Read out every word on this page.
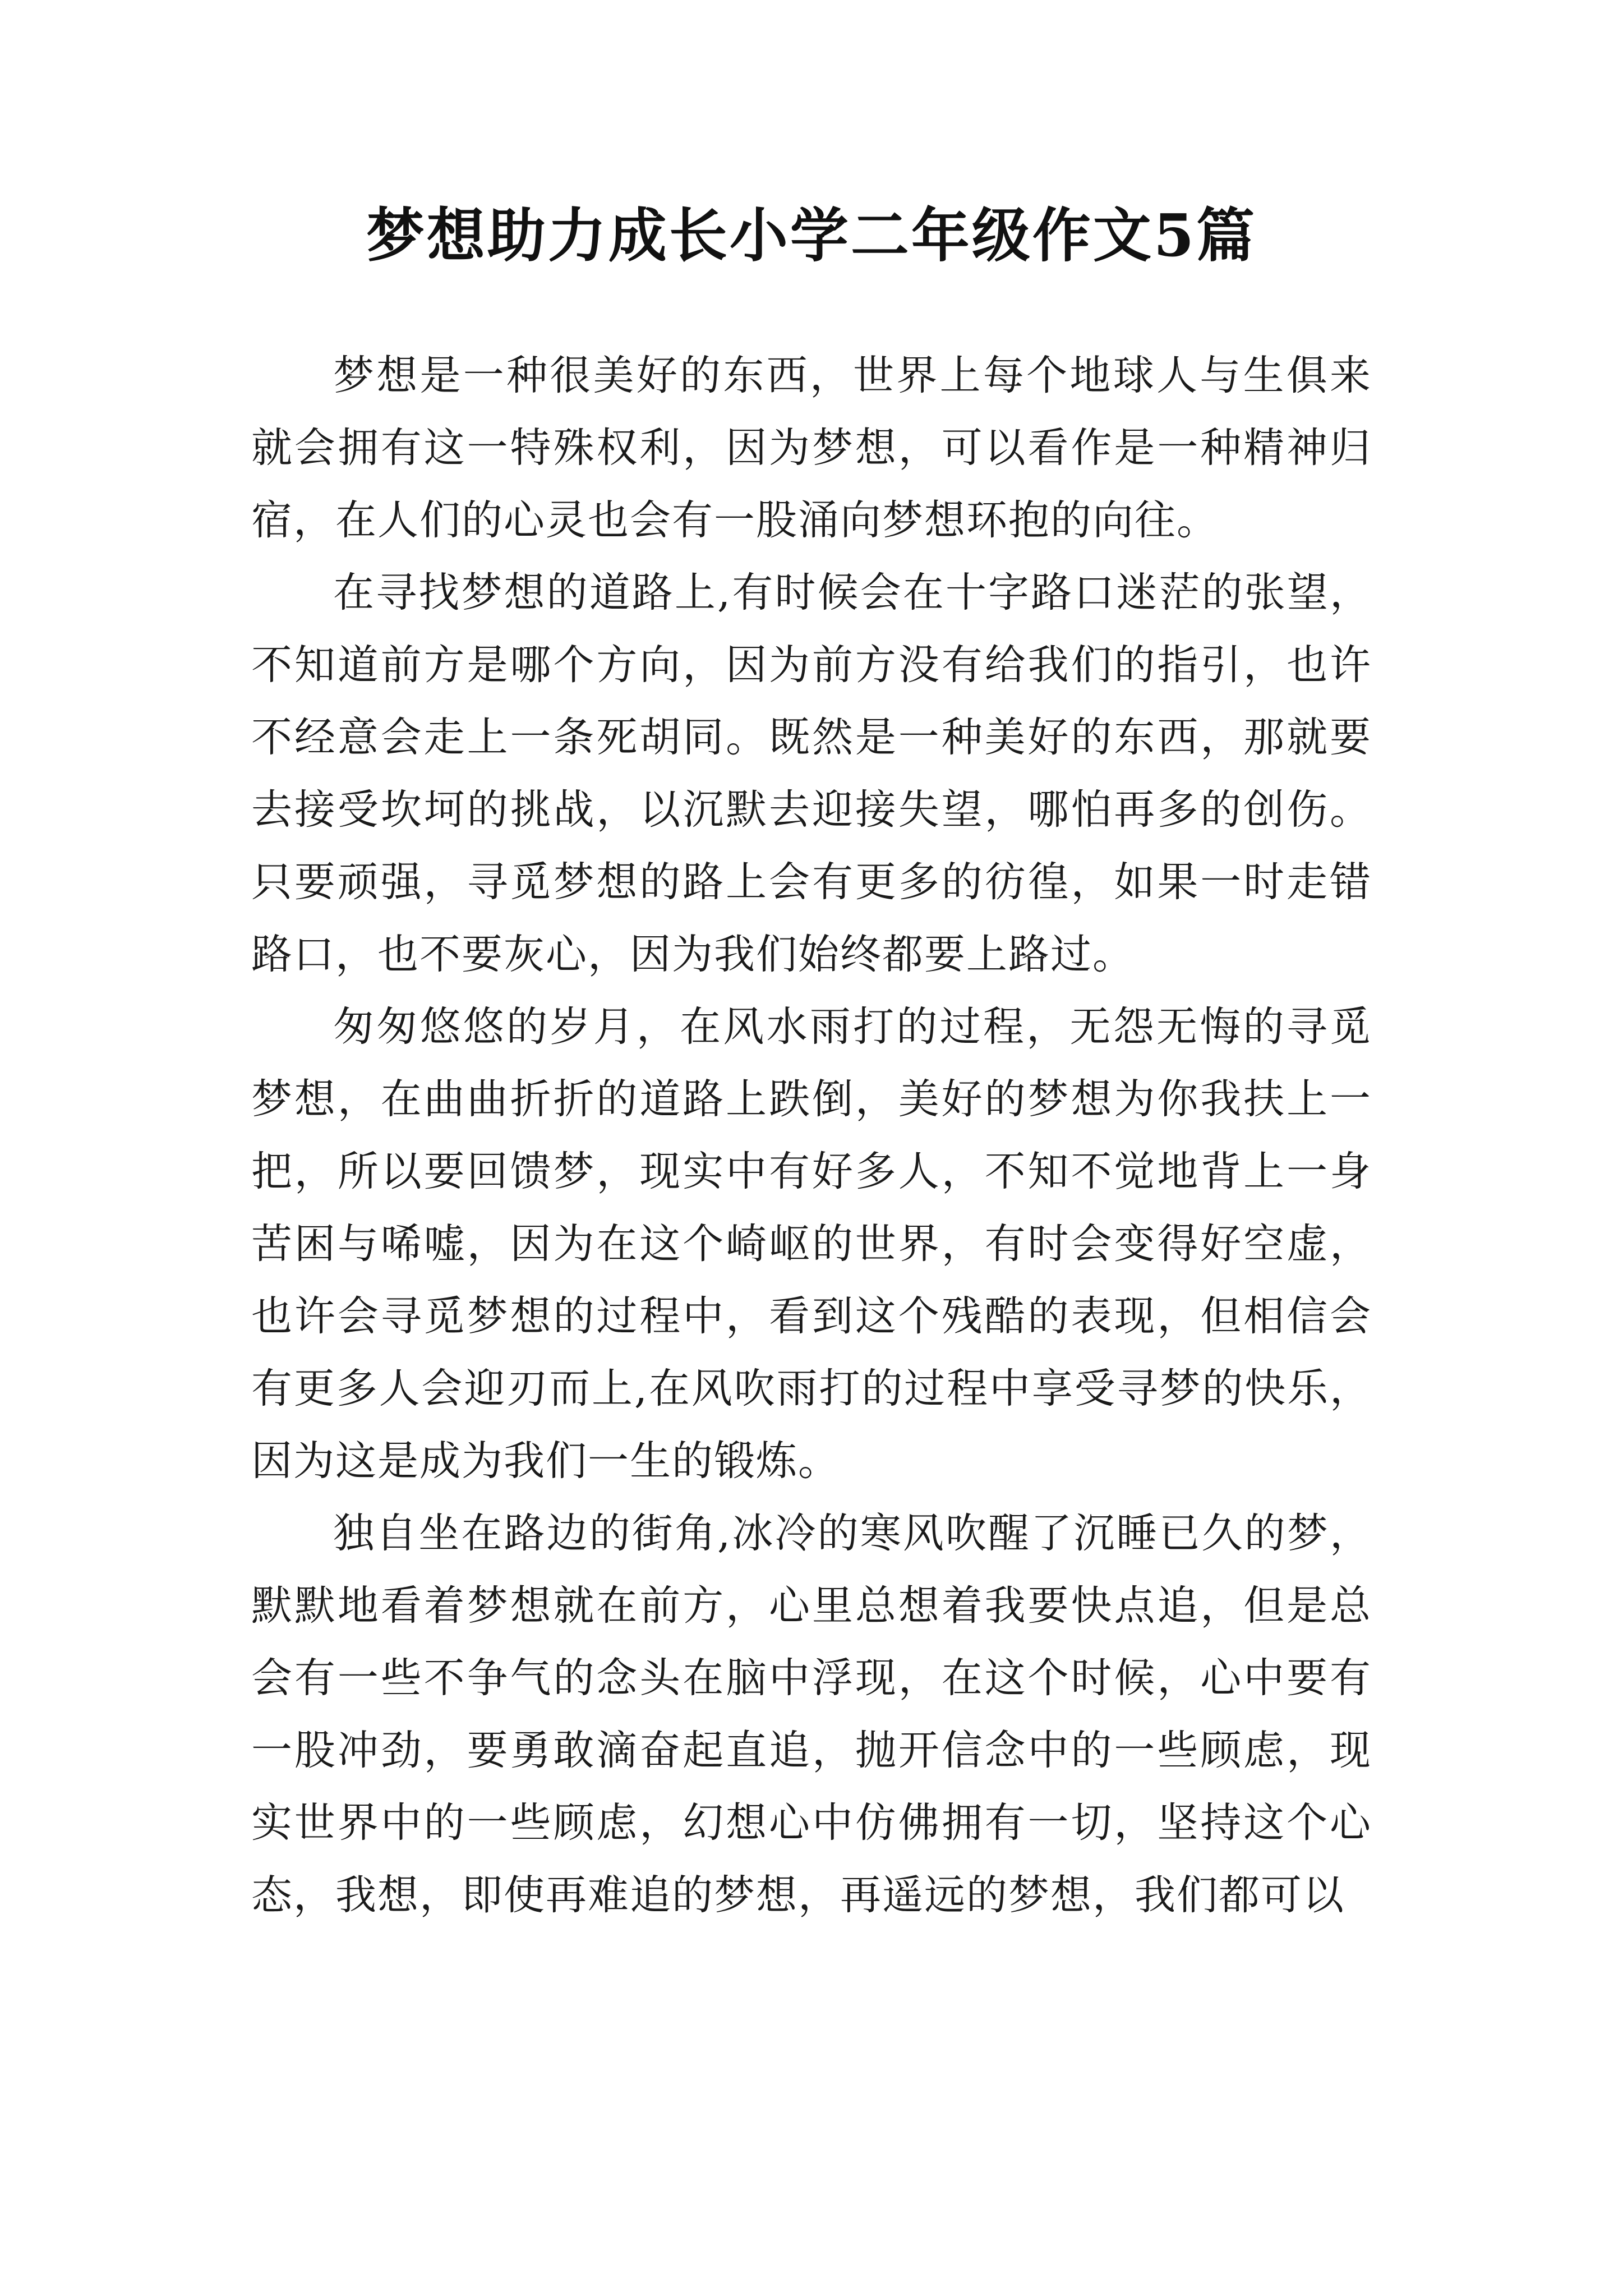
梦想助力成长小学二年级作文5篇

梦想是一种很美好的东西，世界上每个地球人与生俱来就会拥有这一特殊权利，因为梦想，可以看作是一种精神归宿，在人们的心灵也会有一股涌向梦想环抱的向往。

在寻找梦想的道路上,有时候会在十字路口迷茫的张望，不知道前方是哪个方向，因为前方没有给我们的指引，也许不经意会走上一条死胡同。既然是一种美好的东西，那就要去接受坎坷的挑战，以沉默去迎接失望，哪怕再多的创伤。只要顽强，寻觅梦想的路上会有更多的彷徨，如果一时走错路口，也不要灰心，因为我们始终都要上路过。

匆匆悠悠的岁月，在风水雨打的过程，无怨无悔的寻觅梦想，在曲曲折折的道路上跌倒，美好的梦想为你我扶上一把，所以要回馈梦，现实中有好多人，不知不觉地背上一身苦困与唏嘘，因为在这个崎岖的世界，有时会变得好空虚，也许会寻觅梦想的过程中，看到这个残酷的表现，但相信会有更多人会迎刃而上,在风吹雨打的过程中享受寻梦的快乐，因为这是成为我们一生的锻炼。

独自坐在路边的街角,冰冷的寒风吹醒了沉睡已久的梦，默默地看着梦想就在前方，心里总想着我要快点追，但是总会有一些不争气的念头在脑中浮现，在这个时候，心中要有一股冲劲，要勇敢滴奋起直追，抛开信念中的一些顾虑，现实世界中的一些顾虑，幻想心中仿佛拥有一切，坚持这个心态，我想，即使再难追的梦想，再遥远的梦想，我们都可以
